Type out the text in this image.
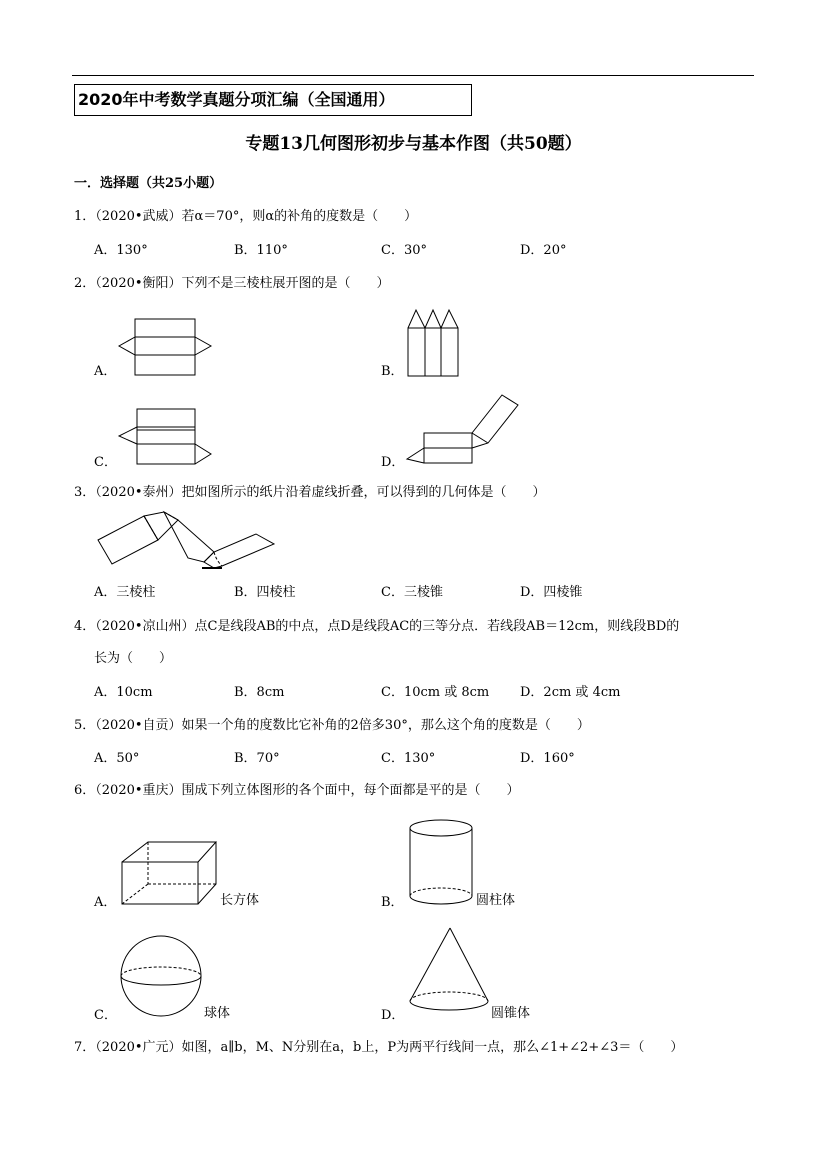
2020年中考数学真题分项汇编（全国通用）
专题13几何图形初步与基本作图（共50题）
一．选择题（共25小题）
1．（2020•武威）若α＝70°，则α的补角的度数是（　　）
A．130°	B．110°	C．30°	D．20°
2．（2020•衡阳）下列不是三棱柱展开图的是（　　）
A．	B．
C．	D．
3．（2020•泰州）把如图所示的纸片沿着虚线折叠，可以得到的几何体是（　　）
A．三棱柱	B．四棱柱	C．三棱锥	D．四棱锥
4．（2020•凉山州）点C是线段AB的中点，点D是线段AC的三等分点．若线段AB＝12cm，则线段BD的
长为（　　）
A．10cm	B．8cm	C．10cm 或 8cm D．2cm 或 4cm
5．（2020•自贡）如果一个角的度数比它补角的2倍多30°，那么这个角的度数是（　　）
A．50°	B．70°	C．130°	D．160°
6．（2020•重庆）围成下列立体图形的各个面中，每个面都是平的是（　　）
A．	长方体	B．	圆柱体
C．	球体	D．	圆锥体
7．（2020•广元）如图，a∥b，M、N分别在a，b上，P为两平行线间一点，那么∠1+∠2+∠3＝（　　）
